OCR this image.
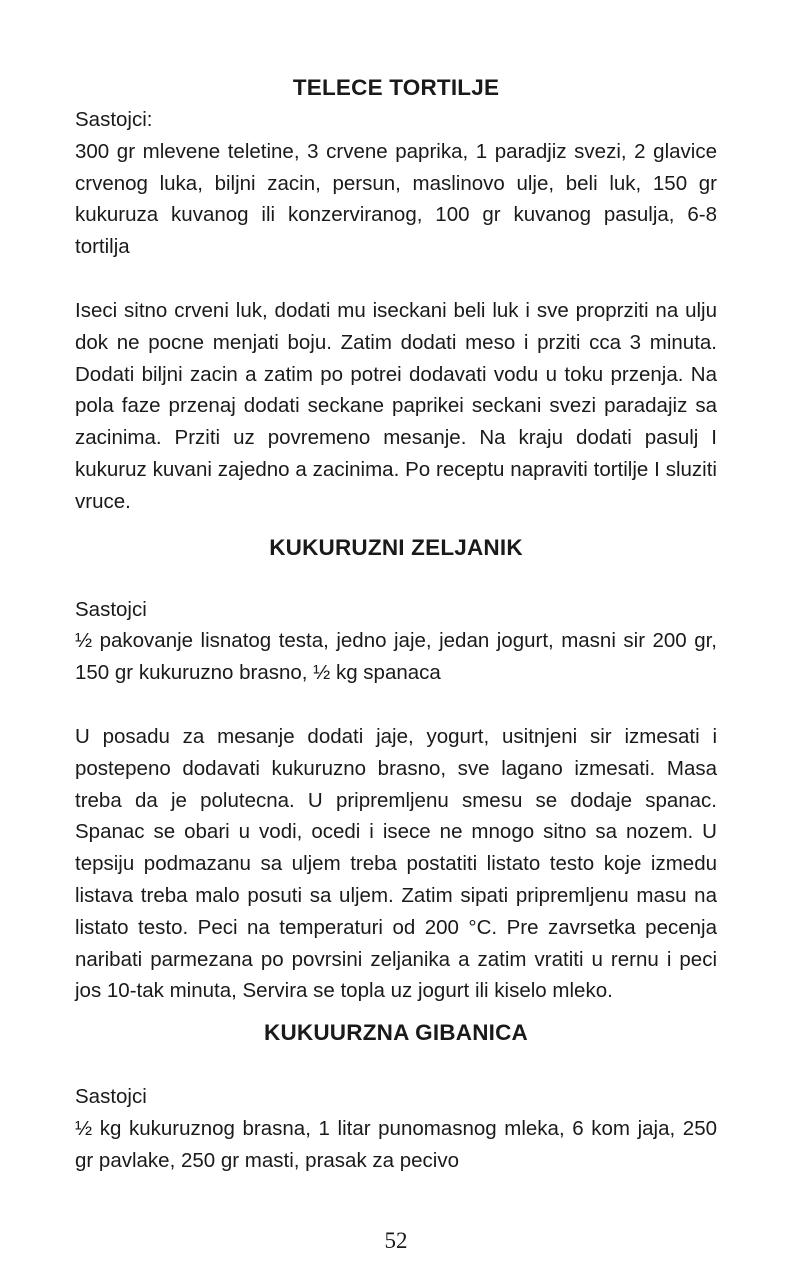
TELECE TORTILJE

Sastojci:

300 gr mlevene teletine, 3 crvene paprika, 1 paradjiz svezi, 2 glavice crvenog luka, biljni zacin, persun, maslinovo ulje, beli luk, 150 gr kukuruza kuvanog ili konzerviranog, 100 gr kuvanog pasulja, 6-8 tortilja

Iseci sitno crveni luk, dodati mu iseckani beli luk i sve proprziti na ulju dok ne pocne menjati boju. Zatim dodati meso i prziti cca 3 minuta. Dodati biljni zacin a zatim po potrei dodavati vodu u toku przenja. Na pola faze przenaj dodati seckane paprikei seckani svezi paradajiz sa zacinima. Prziti uz povremeno mesanje. Na kraju dodati pasulj I kukuruz kuvani zajedno a zacinima. Po receptu napraviti tortilje I sluziti vruce.

KUKURUZNI ZELJANIK

Sastojci

½ pakovanje lisnatog testa, jedno jaje, jedan jogurt, masni sir 200 gr, 150 gr kukuruzno brasno, ½ kg spanaca

U posadu za mesanje dodati jaje, yogurt, usitnjeni sir izmesati i postepeno dodavati kukuruzno brasno, sve lagano izmesati. Masa treba da je polutecna. U pripremljenu smesu se dodaje spanac. Spanac se obari u vodi, ocedi i isece ne mnogo sitno sa nozem. U tepsiju podmazanu sa uljem treba postatiti listato testo koje izmedu listava treba malo posuti sa uljem. Zatim sipati pripremljenu masu na listato testo. Peci na temperaturi od 200 °C. Pre zavrsetka pecenja naribati parmezana po povrsini zeljanika a zatim vratiti u rernu i peci jos 10-tak minuta, Servira se topla uz jogurt ili kiselo mleko.

KUKUURZNA GIBANICA

Sastojci

½ kg kukuruznog brasna, 1 litar punomasnog mleka, 6 kom jaja, 250 gr pavlake, 250 gr masti, prasak za pecivo

52
